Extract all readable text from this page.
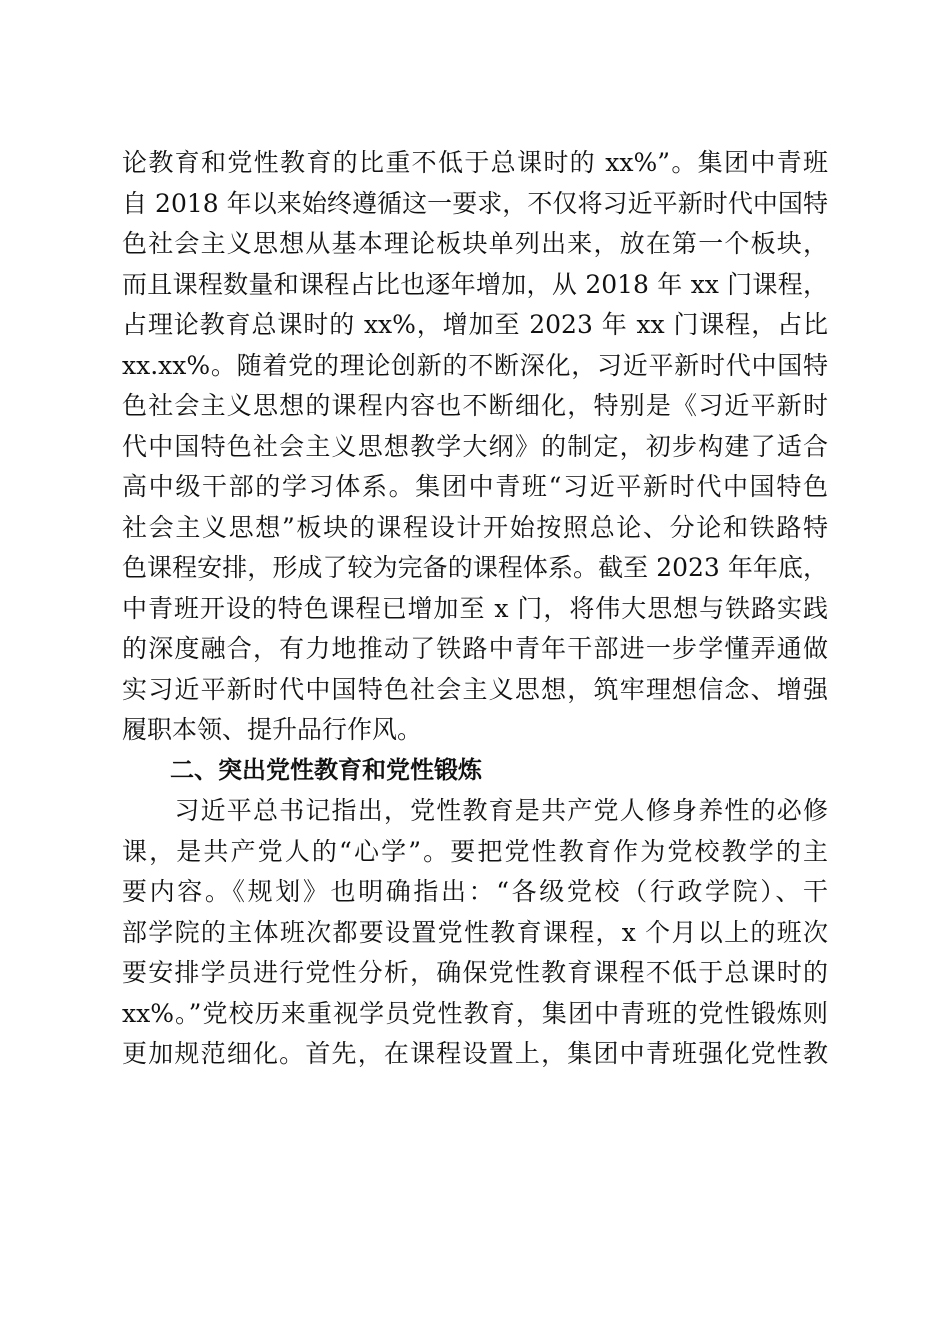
论教育和党性教育的比重不低于总课时的 xx%”。集团中青班
自 2018 年以来始终遵循这一要求，不仅将习近平新时代中国特
色社会主义思想从基本理论板块单列出来，放在第一个板块，
而且课程数量和课程占比也逐年增加，从 2018 年 xx 门课程，
占理论教育总课时的 xx%，增加至 2023 年 xx 门课程，占比
xx.xx%。随着党的理论创新的不断深化，习近平新时代中国特
色社会主义思想的课程内容也不断细化，特别是《习近平新时
代中国特色社会主义思想教学大纲》的制定，初步构建了适合
高中级干部的学习体系。集团中青班“习近平新时代中国特色
社会主义思想”板块的课程设计开始按照总论、分论和铁路特
色课程安排，形成了较为完备的课程体系。截至 2023 年年底，
中青班开设的特色课程已增加至 x 门，将伟大思想与铁路实践
的深度融合，有力地推动了铁路中青年干部进一步学懂弄通做
实习近平新时代中国特色社会主义思想，筑牢理想信念、增强
履职本领、提升品行作风。
　　二、突出党性教育和党性锻炼
　　习近平总书记指出，党性教育是共产党人修身养性的必修
课，是共产党人的“心学”。要把党性教育作为党校教学的主
要内容。《规划》也明确指出：“各级党校（行政学院）、干
部学院的主体班次都要设置党性教育课程，x 个月以上的班次
要安排学员进行党性分析，确保党性教育课程不低于总课时的
xx%。”党校历来重视学员党性教育，集团中青班的党性锻炼则
更加规范细化。首先，在课程设置上，集团中青班强化党性教
